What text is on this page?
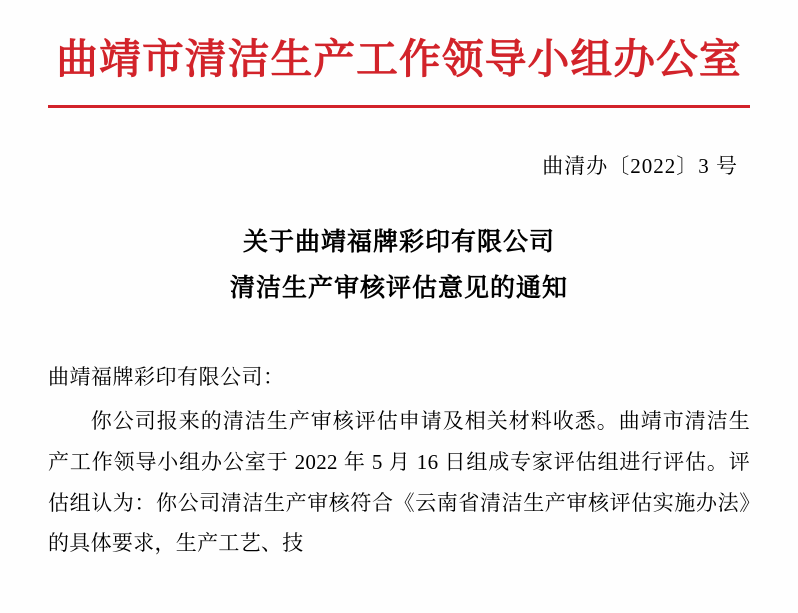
曲靖市清洁生产工作领导小组办公室
曲清办〔2022〕3 号
关于曲靖福牌彩印有限公司
清洁生产审核评估意见的通知
曲靖福牌彩印有限公司：
你公司报来的清洁生产审核评估申请及相关材料收悉。曲靖市清洁生产工作领导小组办公室于 2022 年 5 月 16 日组成专家评估组进行评估。评估组认为：你公司清洁生产审核符合《云南省清洁生产审核评估实施办法》的具体要求，生产工艺、技
